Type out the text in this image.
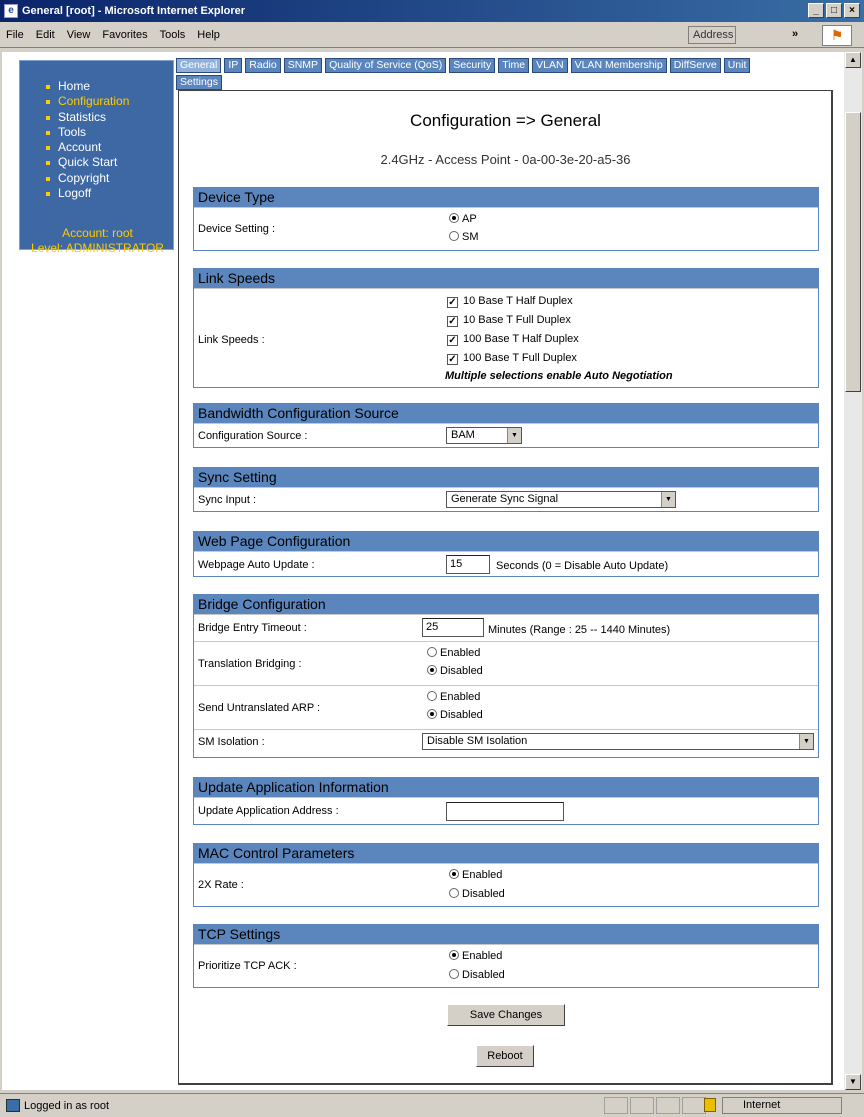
e General [root] - Microsoft Internet Explorer	_	□	×
File Edit View Favorites Tools Help	Address	»	⚑
Home
Configuration
Statistics
Tools
Account
Quick Start
Copyright
Logoff
Account: root
Level: ADMINISTRATOR
General	IP	Radio	SNMP	Quality of Service (QoS)	Security	Time	VLAN	VLAN Membership	DiffServe	Unit
Settings
Configuration => General
2.4GHz - Access Point - 0a-00-3e-20-a5-36
Device Type
Device Setting :
AP
SM
Link Speeds
Link Speeds :
✓ 10 Base T Half Duplex
✓ 10 Base T Full Duplex
✓ 100 Base T Half Duplex
✓ 100 Base T Full Duplex
Multiple selections enable Auto Negotiation
Bandwidth Configuration Source
Configuration Source :	BAM	▼
Sync Setting
Sync Input :	Generate Sync Signal	▼
Web Page Configuration
Webpage Auto Update :	15	Seconds (0 = Disable Auto Update)
Bridge Configuration
Bridge Entry Timeout :	25	Minutes (Range : 25 -- 1440 Minutes)
Translation Bridging :
Enabled
Disabled
Send Untranslated ARP :
Enabled
Disabled
SM Isolation :	Disable SM Isolation	▼
Update Application Information
Update Application Address :
MAC Control Parameters
2X Rate :
Enabled
Disabled
TCP Settings
Prioritize TCP ACK :
Enabled
Disabled
Save Changes
Reboot
▲
▼
Logged in as root	Internet
